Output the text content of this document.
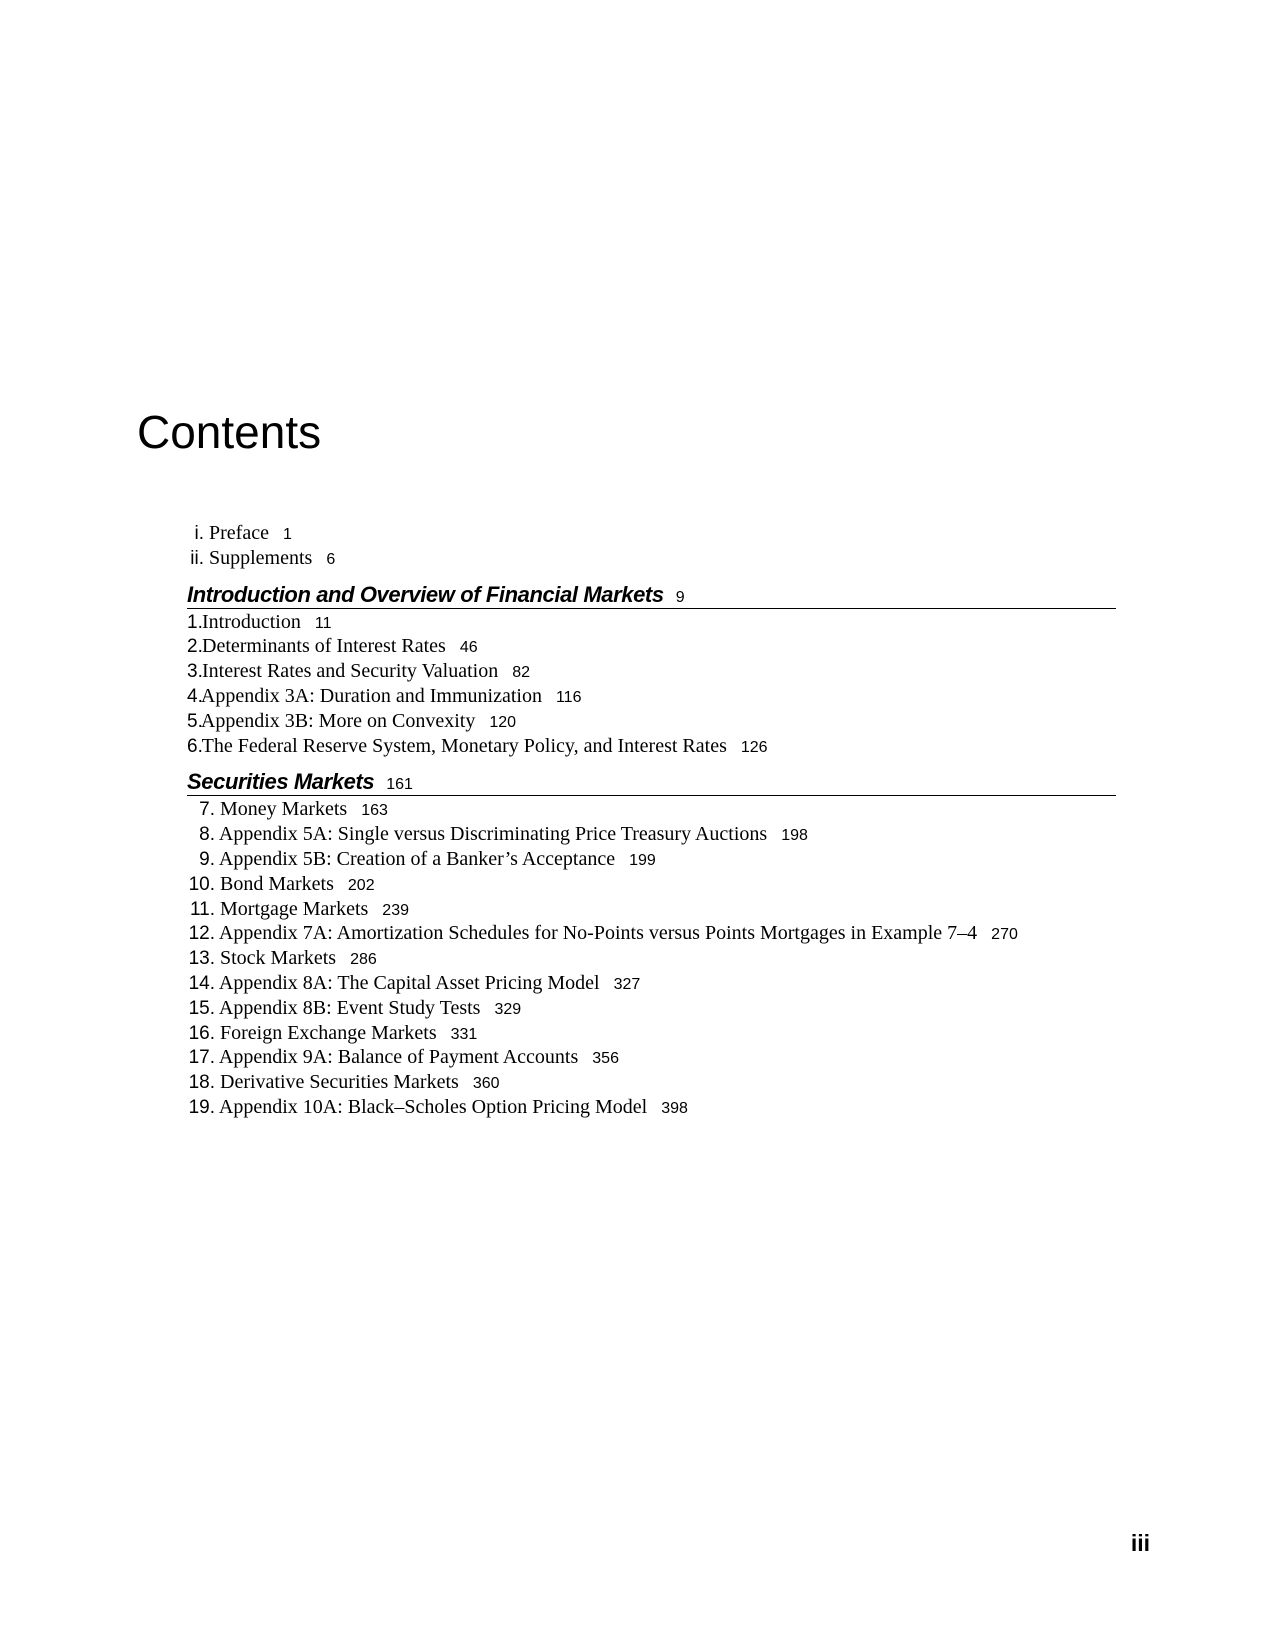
Contents
i. Preface 1
ii. Supplements 6
Introduction and Overview of Financial Markets 9
1. Introduction 11
2. Determinants of Interest Rates 46
3. Interest Rates and Security Valuation 82
4. Appendix 3A: Duration and Immunization 116
5. Appendix 3B: More on Convexity 120
6. The Federal Reserve System, Monetary Policy, and Interest Rates 126
Securities Markets 161
7. Money Markets 163
8. Appendix 5A: Single versus Discriminating Price Treasury Auctions 198
9. Appendix 5B: Creation of a Banker’s Acceptance 199
10. Bond Markets 202
11. Mortgage Markets 239
12. Appendix 7A: Amortization Schedules for No-Points versus Points Mortgages in Example 7–4 270
13. Stock Markets 286
14. Appendix 8A: The Capital Asset Pricing Model 327
15. Appendix 8B: Event Study Tests 329
16. Foreign Exchange Markets 331
17. Appendix 9A: Balance of Payment Accounts 356
18. Derivative Securities Markets 360
19. Appendix 10A: Black–Scholes Option Pricing Model 398
iii
